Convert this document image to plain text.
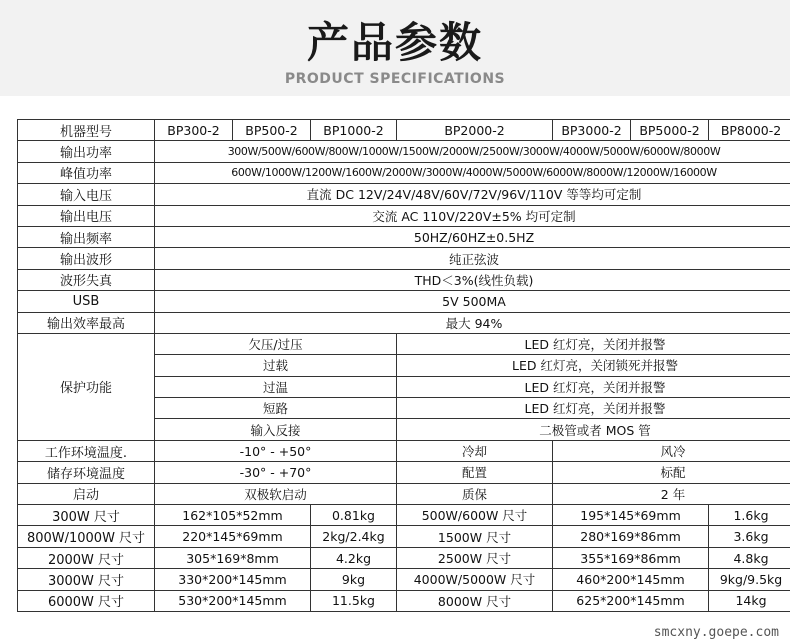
产品参数
PRODUCT SPECIFICATIONS
机器型号	BP300-2	BP500-2	BP1000-2	BP2000-2	BP3000-2	BP5000-2	BP8000-2
输出功率	300W/500W/600W/800W/1000W/1500W/2000W/2500W/3000W/4000W/5000W/6000W/8000W						
峰值功率	600W/1000W/1200W/1600W/2000W/3000W/4000W/5000W/6000W/8000W/12000W/16000W						
输入电压	直流 DC 12V/24V/48V/60V/72V/96V/110V 等等均可定制						
输出电压	交流 AC 110V/220V±5% 均可定制						
输出频率	50HZ/60HZ±0.5HZ						
输出波形	纯正弦波						
波形失真	THD＜3%(线性负载)						
USB	5V 500MA						
输出效率最高	最大 94%						
保护功能	欠压/过压			LED 红灯亮，关闭并报警			
	过载			LED 红灯亮，关闭锁死并报警			
	过温			LED 红灯亮，关闭并报警			
	短路			LED 红灯亮，关闭并报警			
	输入反接			二极管或者 MOS 管			
工作环境温度.	-10° - +50°			冷却	风冷		
储存环境温度	-30° - +70°			配置	标配		
启动	双极软启动			质保	2 年		
300W 尺寸	162*105*52mm		0.81kg	500W/600W 尺寸	195*145*69mm		1.6kg
800W/1000W 尺寸	220*145*69mm		2kg/2.4kg	1500W 尺寸	280*169*86mm		3.6kg
2000W 尺寸	305*169*8mm		4.2kg	2500W 尺寸	355*169*86mm		4.8kg
3000W 尺寸	330*200*145mm		9kg	4000W/5000W 尺寸	460*200*145mm		9kg/9.5kg
6000W 尺寸	530*200*145mm		11.5kg	8000W 尺寸	625*200*145mm		14kg
smcxny.goepe.com
